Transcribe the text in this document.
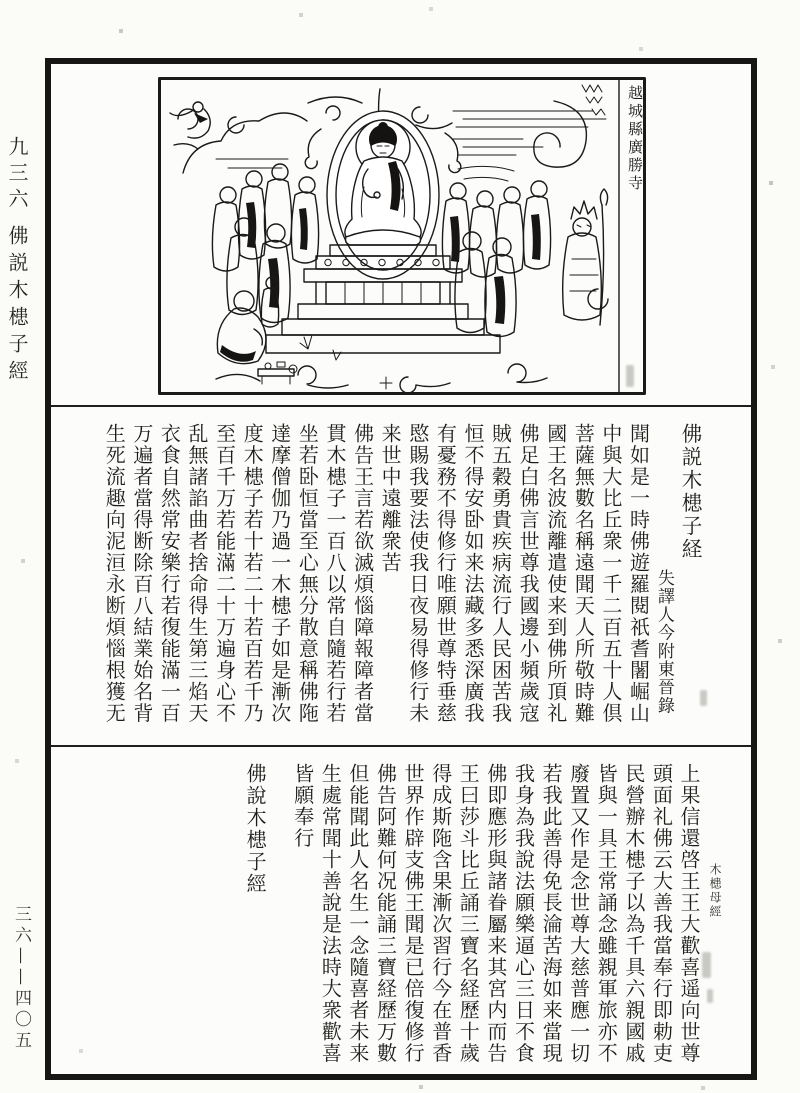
九三六
佛説木槵子經
三六——四〇五
越城縣廣勝寺
佛説木槵子経
失譯人今附東晉錄
聞如是一時佛遊羅閱祇耆闍崛山
中與大比丘衆一千二百五十人倶
菩薩無數名稱遠聞天人所敬時難
國王名波流離遣使来到佛所頂礼
佛足白佛言世尊我國邊小頻歲寇
賊五穀勇貴疾病流行人民困苦我
恒不得安卧如来法藏多悉深廣我
有憂務不得修行唯願世尊特垂慈
愍賜我要法使我日夜易得修行未
来世中遠離衆苦
佛告王言若欲滅煩惱障報障者當
貫木槵子一百八以常自隨若行若
坐若卧恒當至心無分散意稱佛陁
達摩僧伽乃過一木槵子如是漸次
度木槵子若十若二十若百若千乃
至百千万若能滿二十万遍身心不
乱無諸諂曲者捨命得生第三焰天
衣食自然常安樂行若復能滿一百
万遍者當得断除百八結業始名背
生死流趣向泥洹永断煩惱根獲无
木槵母經
上果信還啓王王大歡喜遥向世尊
頭面礼佛云大善我當奉行即勅吏
民營辦木槵子以為千具六親國戚
皆與一具王常誦念雖親軍旅亦不
廢置又作是念世尊大慈普應一切
若我此善得免長淪苦海如来當現
我身為我說法願樂逼心三日不食
佛即應形與諸眷屬来其宮内而告
王曰莎斗比丘誦三寶名経歷十歲
得成斯陁含果漸次習行今在普香
世界作辟支佛王聞是已倍復修行
佛告阿難何况能誦三寶経歷万數
但能聞此人名生一念隨喜者未来
生處常聞十善說是法時大衆歡喜
皆願奉行
佛說木槵子經
